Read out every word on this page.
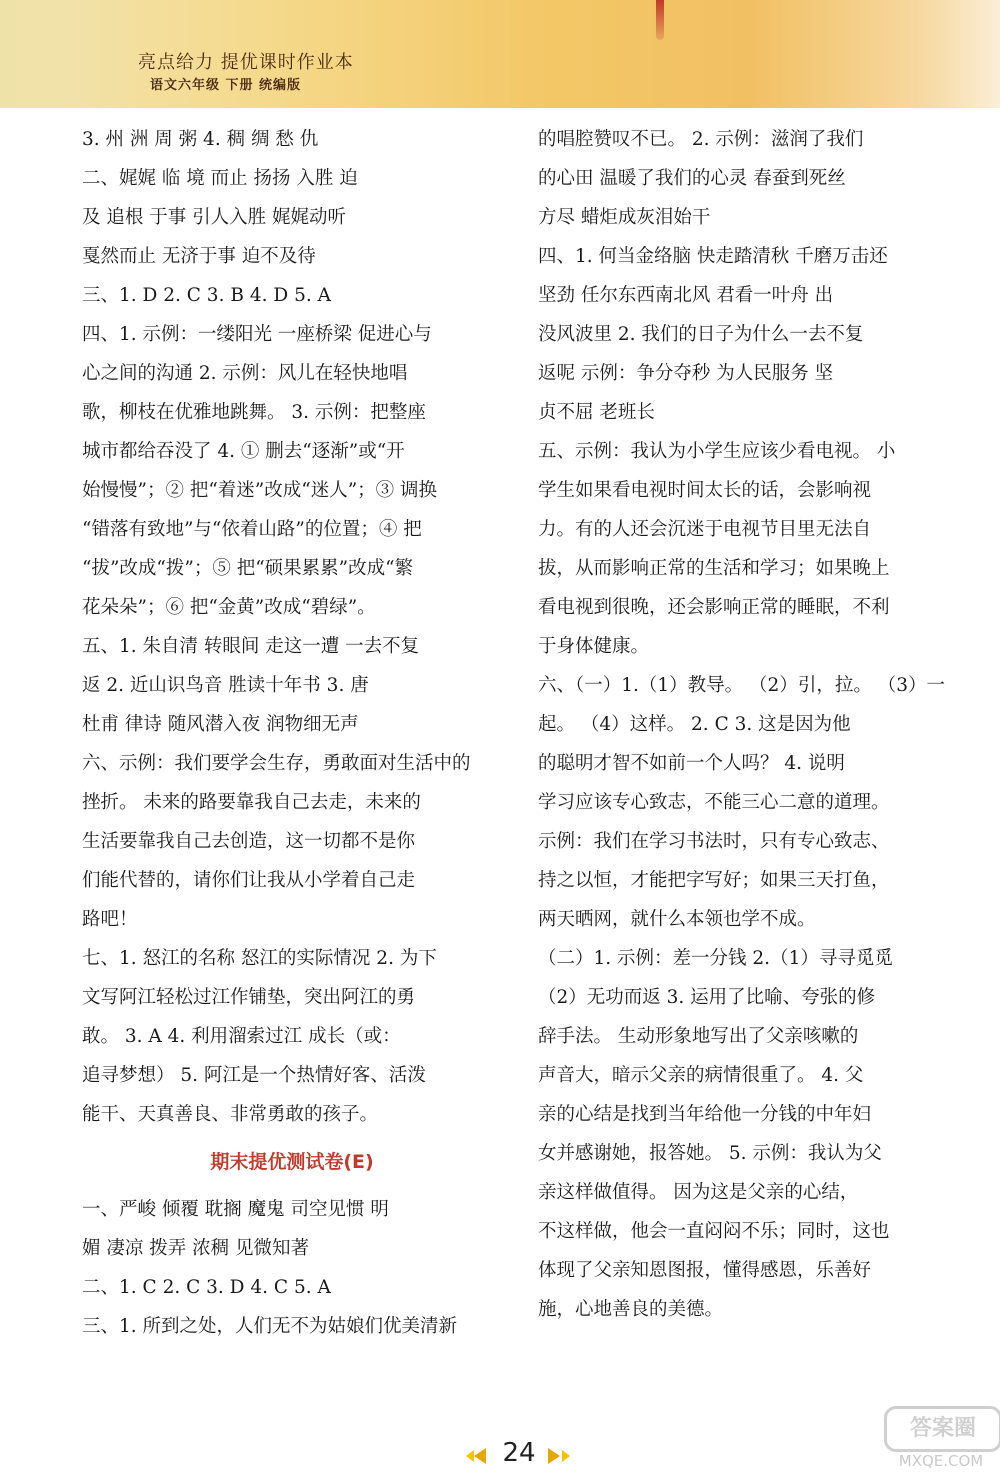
亮点给力 提优课时作业本
语文六年级 下册 统编版
3. 州 洲 周 粥 4. 稠 绸 愁 仇
二、娓娓 临 境 而止 扬扬 入胜 迫
及 追根 于事 引人入胜 娓娓动听
戛然而止 无济于事 迫不及待
三、1. D 2. C 3. B 4. D 5. A
四、1. 示例：一缕阳光 一座桥梁 促进心与
心之间的沟通 2. 示例：风儿在轻快地唱
歌，柳枝在优雅地跳舞。 3. 示例：把整座
城市都给吞没了 4. ① 删去“逐渐”或“开
始慢慢”；② 把“着迷”改成“迷人”；③ 调换
“错落有致地”与“依着山路”的位置；④ 把
“拔”改成“拨”；⑤ 把“硕果累累”改成“繁
花朵朵”；⑥ 把“金黄”改成“碧绿”。
五、1. 朱自清 转眼间 走这一遭 一去不复
返 2. 近山识鸟音 胜读十年书 3. 唐
杜甫 律诗 随风潜入夜 润物细无声
六、示例：我们要学会生存，勇敢面对生活中的
挫折。 未来的路要靠我自己去走，未来的
生活要靠我自己去创造，这一切都不是你
们能代替的，请你们让我从小学着自己走
路吧！
七、1. 怒江的名称 怒江的实际情况 2. 为下
文写阿江轻松过江作铺垫，突出阿江的勇
敢。 3. A 4. 利用溜索过江 成长（或：
追寻梦想） 5. 阿江是一个热情好客、活泼
能干、天真善良、非常勇敢的孩子。
期末提优测试卷(E)
一、严峻 倾覆 耽搁 魔鬼 司空见惯 明
媚 凄凉 拨弄 浓稠 见微知著
二、1. C 2. C 3. D 4. C 5. A
三、1. 所到之处，人们无不为姑娘们优美清新
的唱腔赞叹不已。 2. 示例：滋润了我们
的心田 温暖了我们的心灵 春蚕到死丝
方尽 蜡炬成灰泪始干
四、1. 何当金络脑 快走踏清秋 千磨万击还
坚劲 任尔东西南北风 君看一叶舟 出
没风波里 2. 我们的日子为什么一去不复
返呢 示例：争分夺秒 为人民服务 坚
贞不屈 老班长
五、示例：我认为小学生应该少看电视。 小
学生如果看电视时间太长的话，会影响视
力。有的人还会沉迷于电视节目里无法自
拔，从而影响正常的生活和学习；如果晚上
看电视到很晚，还会影响正常的睡眠，不利
于身体健康。
六、（一）1.（1）教导。 （2）引，拉。 （3）一
起。 （4）这样。 2. C 3. 这是因为他
的聪明才智不如前一个人吗？ 4. 说明
学习应该专心致志，不能三心二意的道理。
示例：我们在学习书法时，只有专心致志、
持之以恒，才能把字写好；如果三天打鱼，
两天晒网，就什么本领也学不成。
（二）1. 示例：差一分钱 2.（1）寻寻觅觅
（2）无功而返 3. 运用了比喻、夸张的修
辞手法。 生动形象地写出了父亲咳嗽的
声音大，暗示父亲的病情很重了。 4. 父
亲的心结是找到当年给他一分钱的中年妇
女并感谢她，报答她。 5. 示例：我认为父
亲这样做值得。 因为这是父亲的心结，
不这样做，他会一直闷闷不乐；同时，这也
体现了父亲知恩图报，懂得感恩，乐善好
施，心地善良的美德。
24
答案圈
MXQE.COM
